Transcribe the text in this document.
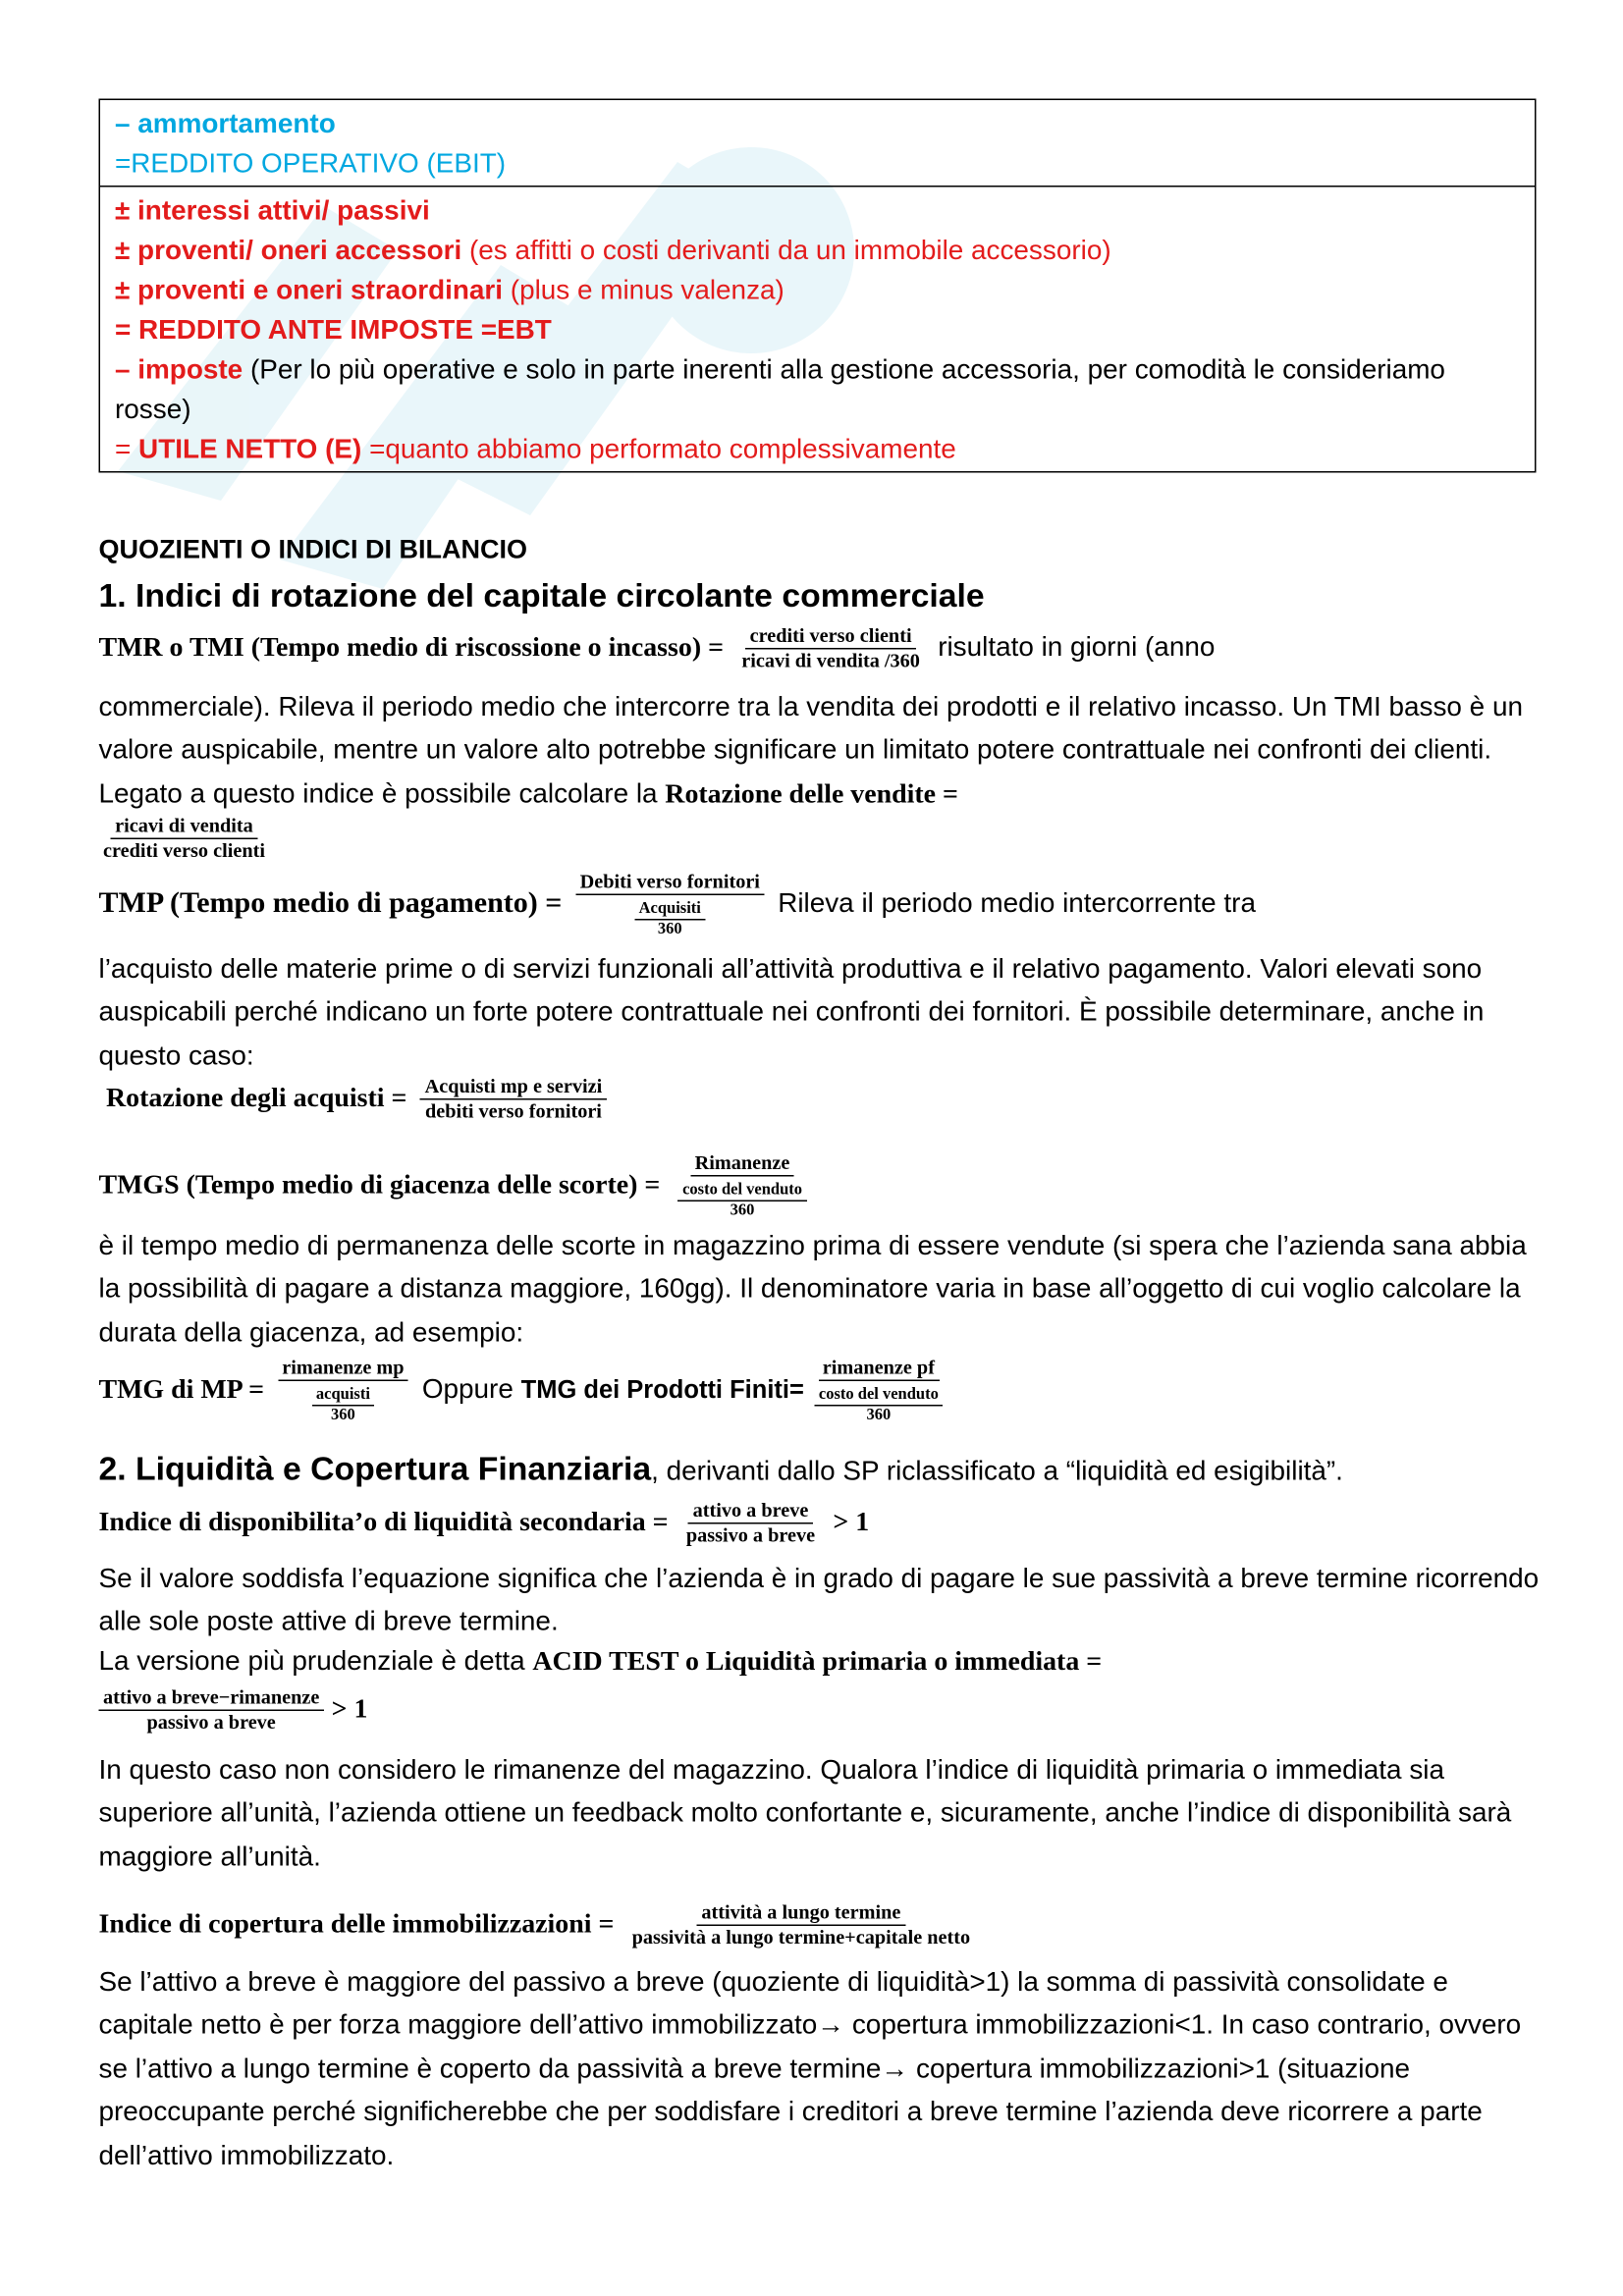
– ammortamento
=REDDITO OPERATIVO (EBIT)
± interessi attivi/ passivi
± proventi/ oneri accessori (es affitti o costi derivanti da un immobile accessorio)
± proventi e oneri straordinari (plus e minus valenza)
= REDDITO ANTE IMPOSTE =EBT
– imposte (Per lo più operative e solo in parte inerenti alla gestione accessoria, per comodità le consideriamo rosse)
= UTILE NETTO (E) =quanto abbiamo performato complessivamente
QUOZIENTI O INDICI DI BILANCIO
1. Indici di rotazione del capitale circolante commerciale
TMR o TMI (Tempo medio di riscossione o incasso) = $\frac{\text{crediti verso clienti}}{\text{ricavi di vendita /360}}$ risultato in giorni (anno
commerciale). Rileva il periodo medio che intercorre tra la vendita dei prodotti e il relativo incasso. Un TMI basso è un valore auspicabile, mentre un valore alto potrebbe significare un limitato potere contrattuale nei confronti dei clienti. Legato a questo indice è possibile calcolare la Rotazione delle vendite =
$\frac{\text{ricavi di vendita}}{\text{crediti verso clienti}}$
TMP (Tempo medio di pagamento) = Debiti verso fornitori
Acquisiti
360 Rileva il periodo medio intercorrente tra
l’acquisto delle materie prime o di servizi funzionali all’attività produttiva e il relativo pagamento. Valori elevati sono auspicabili perché indicano un forte potere contrattuale nei confronti dei fornitori. È possibile determinare, anche in questo caso:
Rotazione degli acquisti = $\frac{\text{Acquisti mp e servizi}}{\text{debiti verso fornitori}}$
TMGS (Tempo medio di giacenza delle scorte) = Rimanenze
costo del venduto
360
è il tempo medio di permanenza delle scorte in magazzino prima di essere vendute (si spera che l’azienda sana abbia la possibilità di pagare a distanza maggiore, 160gg). Il denominatore varia in base all’oggetto di cui voglio calcolare la durata della giacenza, ad esempio:
TMG di MP = rimanenze mp
acquisti
360 Oppure TMG dei Prodotti Finiti= rimanenze pf
costo del venduto
360
2. Liquidità e Copertura Finanziaria, derivanti dallo SP riclassificato a “liquidità ed esigibilità”.
Indice di disponibilita’o di liquidità secondaria = $\frac{\text{attivo a breve}}{\text{passivo a breve}} > 1$
Se il valore soddisfa l’equazione significa che l’azienda è in grado di pagare le sue passività a breve termine ricorrendo alle sole poste attive di breve termine.
La versione più prudenziale è detta ACID TEST o Liquidità primaria o immediata =
$\frac{\text{attivo a breve−rimanenze}}{\text{passivo a breve}} > 1$
In questo caso non considero le rimanenze del magazzino. Qualora l’indice di liquidità primaria o immediata sia superiore all’unità, l’azienda ottiene un feedback molto confortante e, sicuramente, anche l’indice di disponibilità sarà maggiore all’unità.
Indice di copertura delle immobilizzazioni = $\frac{\text{attività a lungo termine}}{\text{passività a lungo termine+capitale netto}}$
Se l’attivo a breve è maggiore del passivo a breve (quoziente di liquidità>1) la somma di passività consolidate e capitale netto è per forza maggiore dell’attivo immobilizzato→ copertura immobilizzazioni<1. In caso contrario, ovvero se l’attivo a lungo termine è coperto da passività a breve termine→ copertura immobilizzazioni>1 (situazione preoccupante perché significherebbe che per soddisfare i creditori a breve termine l’azienda deve ricorrere a parte dell’attivo immobilizzato.
